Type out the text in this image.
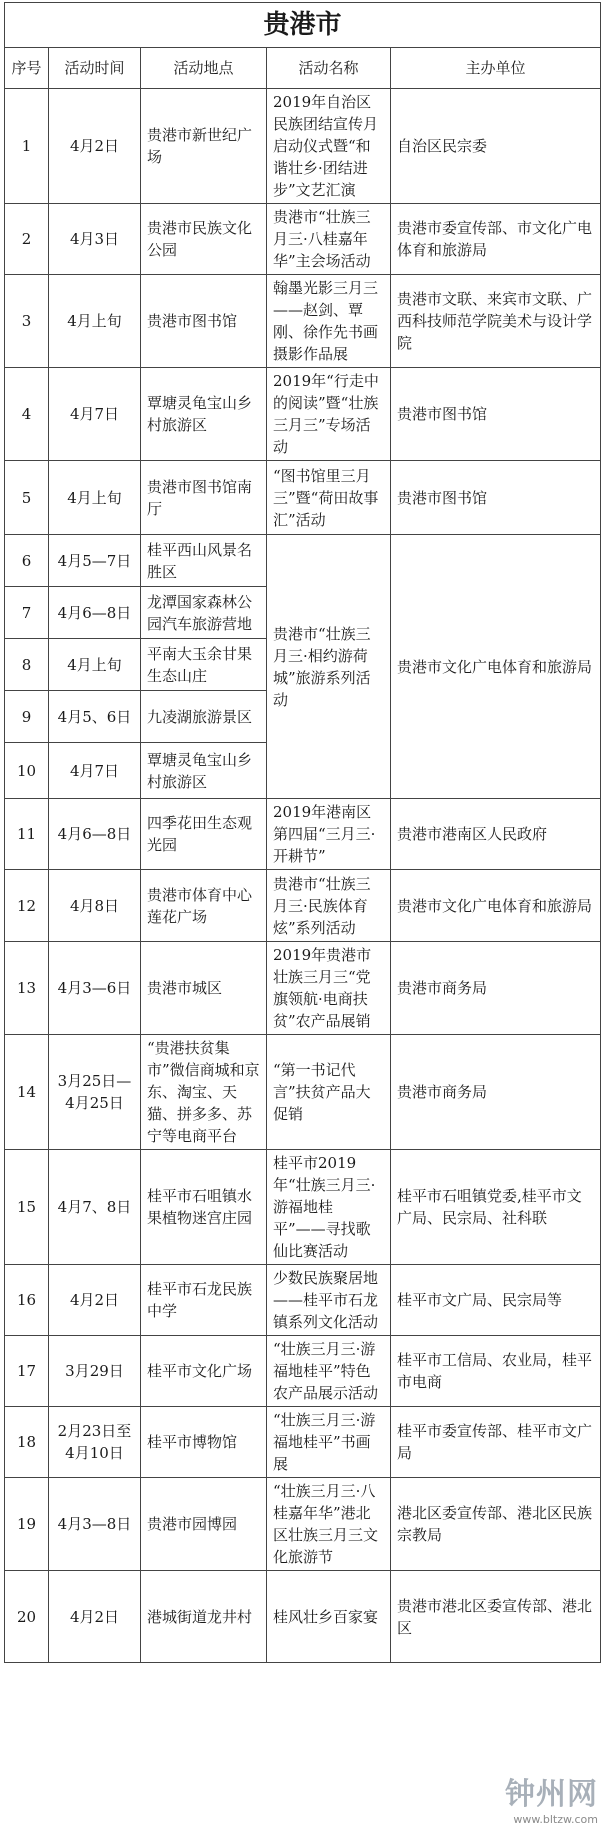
贵港市				
序号	活动时间	活动地点	活动名称	主办单位
1	4月2日	贵港市新世纪广场	2019年自治区民族团结宣传月启动仪式暨“和谐壮乡·团结进步”文艺汇演	自治区民宗委
2	4月3日	贵港市民族文化公园	贵港市“壮族三月三·八桂嘉年华”主会场活动	贵港市委宣传部、市文化广电体育和旅游局
3	4月上旬	贵港市图书馆	翰墨光影三月三——赵剑、覃刚、徐作先书画摄影作品展	贵港市文联、来宾市文联、广西科技师范学院美术与设计学院
4	4月7日	覃塘灵龟宝山乡村旅游区	2019年“行走中的阅读”暨“壮族三月三”专场活动	贵港市图书馆
5	4月上旬	贵港市图书馆南厅	“图书馆里三月三”暨“荷田故事汇”活动	贵港市图书馆
6	4月5—7日	桂平西山风景名胜区	贵港市“壮族三月三·相约游荷城”旅游系列活动	贵港市文化广电体育和旅游局
7	4月6—8日	龙潭国家森林公园汽车旅游营地		
8	4月上旬	平南大玉余甘果生态山庄		
9	4月5、6日	九凌湖旅游景区		
10	4月7日	覃塘灵龟宝山乡村旅游区		
11	4月6—8日	四季花田生态观光园	2019年港南区第四届“三月三·开耕节”	贵港市港南区人民政府
12	4月8日	贵港市体育中心莲花广场	贵港市“壮族三月三·民族体育炫”系列活动	贵港市文化广电体育和旅游局
13	4月3—6日	贵港市城区	2019年贵港市壮族三月三“党旗领航·电商扶贫”农产品展销	贵港市商务局
14	3月25日—4月25日	“贵港扶贫集市”微信商城和京东、淘宝、天猫、拼多多、苏宁等电商平台	“第一书记代言”扶贫产品大促销	贵港市商务局
15	4月7、8日	桂平市石咀镇水果植物迷宫庄园	桂平市2019年“壮族三月三·游福地桂平”——寻找歌仙比赛活动	桂平市石咀镇党委,桂平市文广局、民宗局、社科联
16	4月2日	桂平市石龙民族中学	少数民族聚居地——桂平市石龙镇系列文化活动	桂平市文广局、民宗局等
17	3月29日	桂平市文化广场	“壮族三月三·游福地桂平”特色农产品展示活动	桂平市工信局、农业局，桂平市电商
18	2月23日至4月10日	桂平市博物馆	“壮族三月三·游福地桂平”书画展	桂平市委宣传部、桂平市文广局
19	4月3—8日	贵港市园博园	“壮族三月三·八桂嘉年华”港北区壮族三月三文化旅游节	港北区委宣传部、港北区民族宗教局
20	4月2日	港城街道龙井村	桂风壮乡百家宴	贵港市港北区委宣传部、港北区
钟州网
www.bltzw.com
